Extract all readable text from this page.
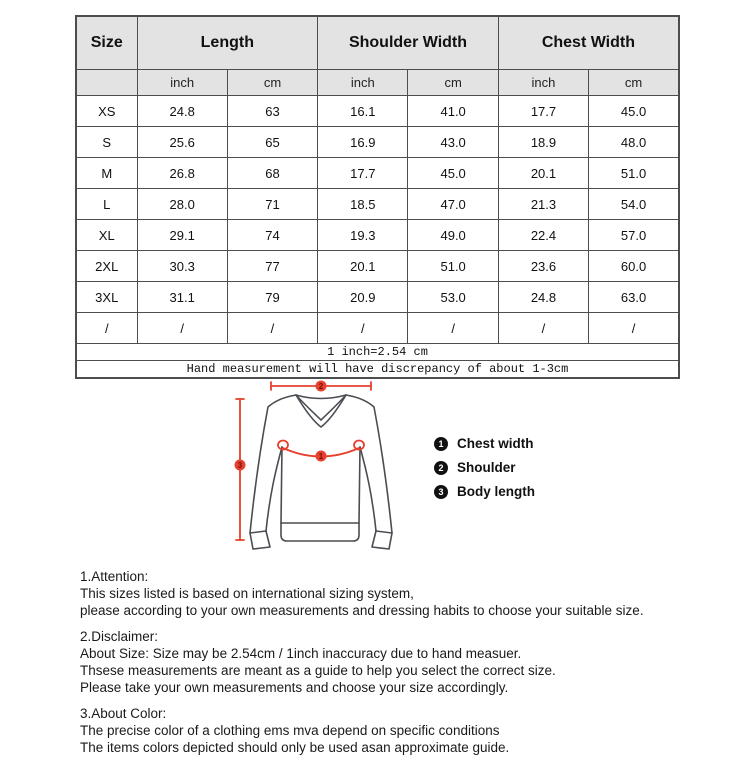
Size	Length		Shoulder Width		Chest Width	
	inch	cm	inch	cm	inch	cm
XS	24.8	63	16.1	41.0	17.7	45.0
S	25.6	65	16.9	43.0	18.9	48.0
M	26.8	68	17.7	45.0	20.1	51.0
L	28.0	71	18.5	47.0	21.3	54.0
XL	29.1	74	19.3	49.0	22.4	57.0
2XL	30.3	77	20.1	51.0	23.6	60.0
3XL	31.1	79	20.9	53.0	24.8	63.0
/	/	/	/	/	/	/
1 inch=2.54 cm						
Hand measurement will have discrepancy of about 1-3cm						
2
3
1
1	Chest width
2	Shoulder
3	Body length
1.Attention:
This sizes listed is based on international sizing system,
please according to your own measurements and dressing habits to choose your suitable size.
2.Disclaimer:
About Size: Size may be 2.54cm / 1inch inaccuracy due to hand measuer.
Thsese measurements are meant as a guide to help you select the correct size.
Please take your own measurements and choose your size accordingly.
3.About Color:
The precise color of a clothing ems mva depend on specific conditions
The items colors depicted should only be used asan approximate guide.
